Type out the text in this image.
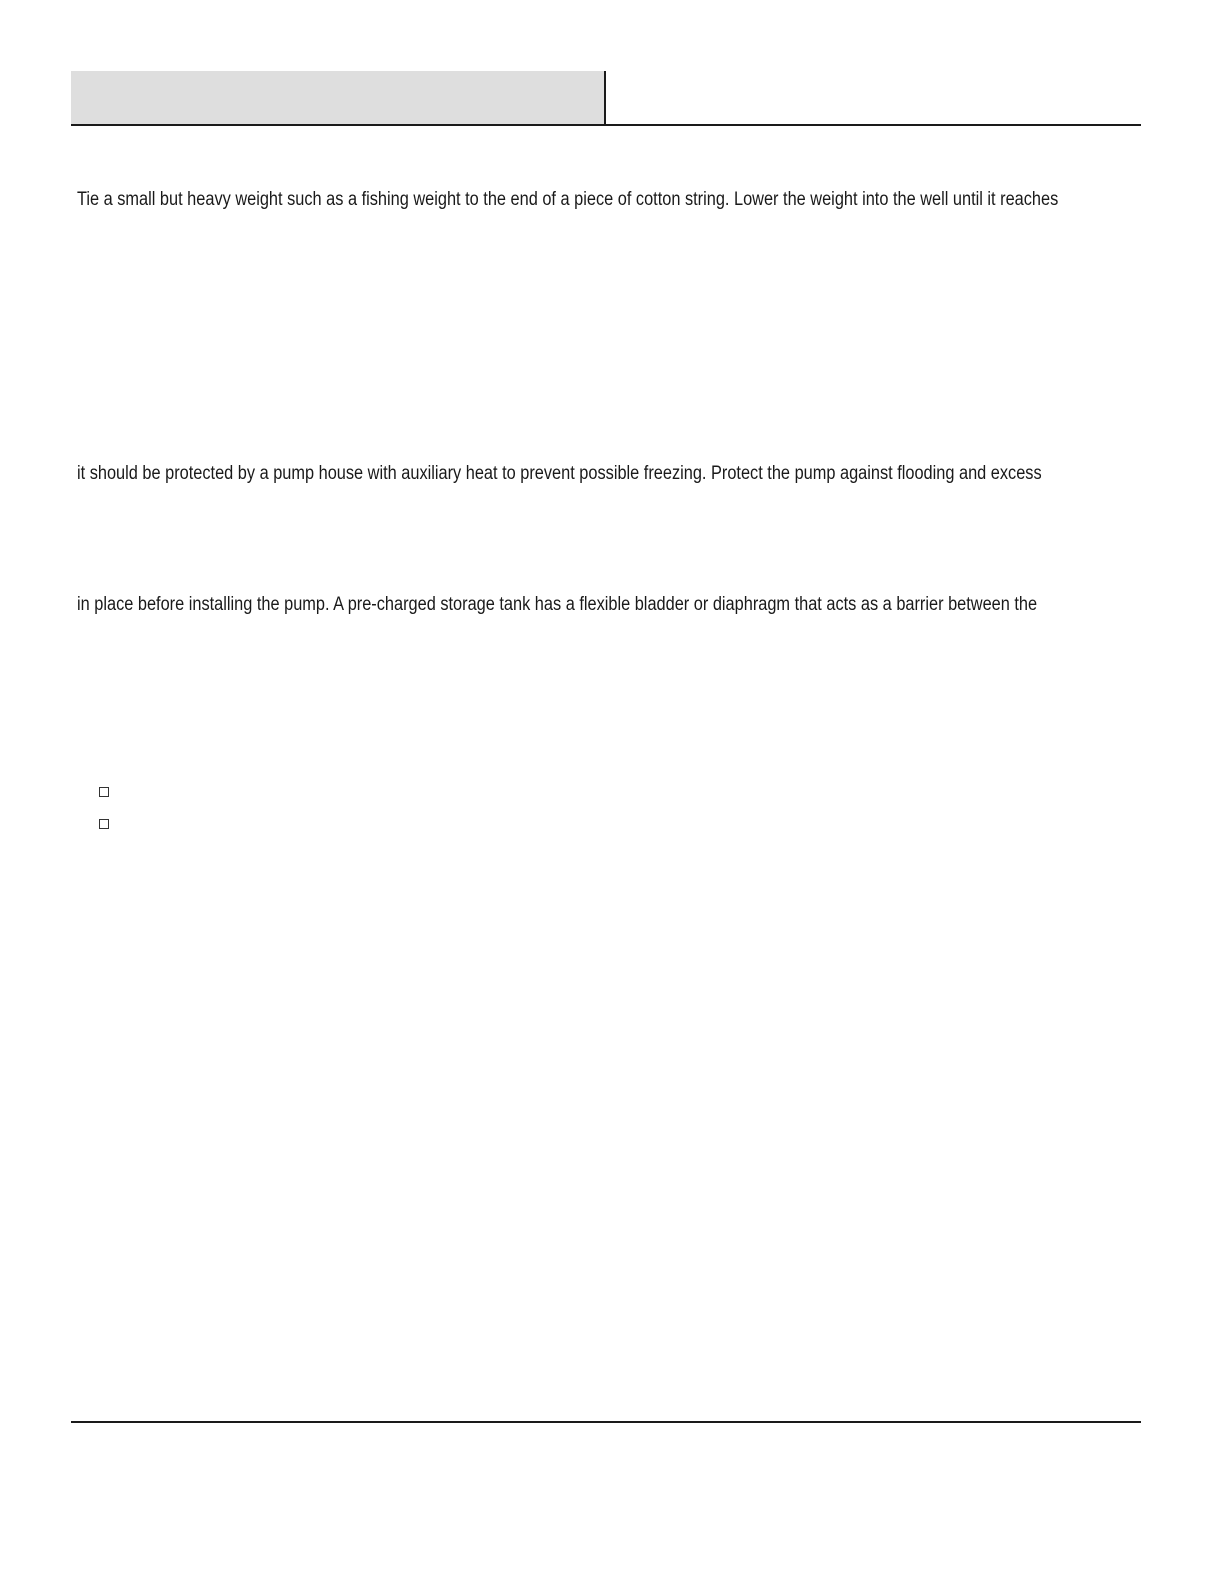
Tie a small but heavy weight such as a fishing weight to the end of a piece of cotton string. Lower the weight into the well until it reaches

it should be protected by a pump house with auxiliary heat to prevent possible freezing. Protect the pump against flooding and excess

in place before installing the pump. A pre-charged storage tank has a flexible bladder or diaphragm that acts as a barrier between the
